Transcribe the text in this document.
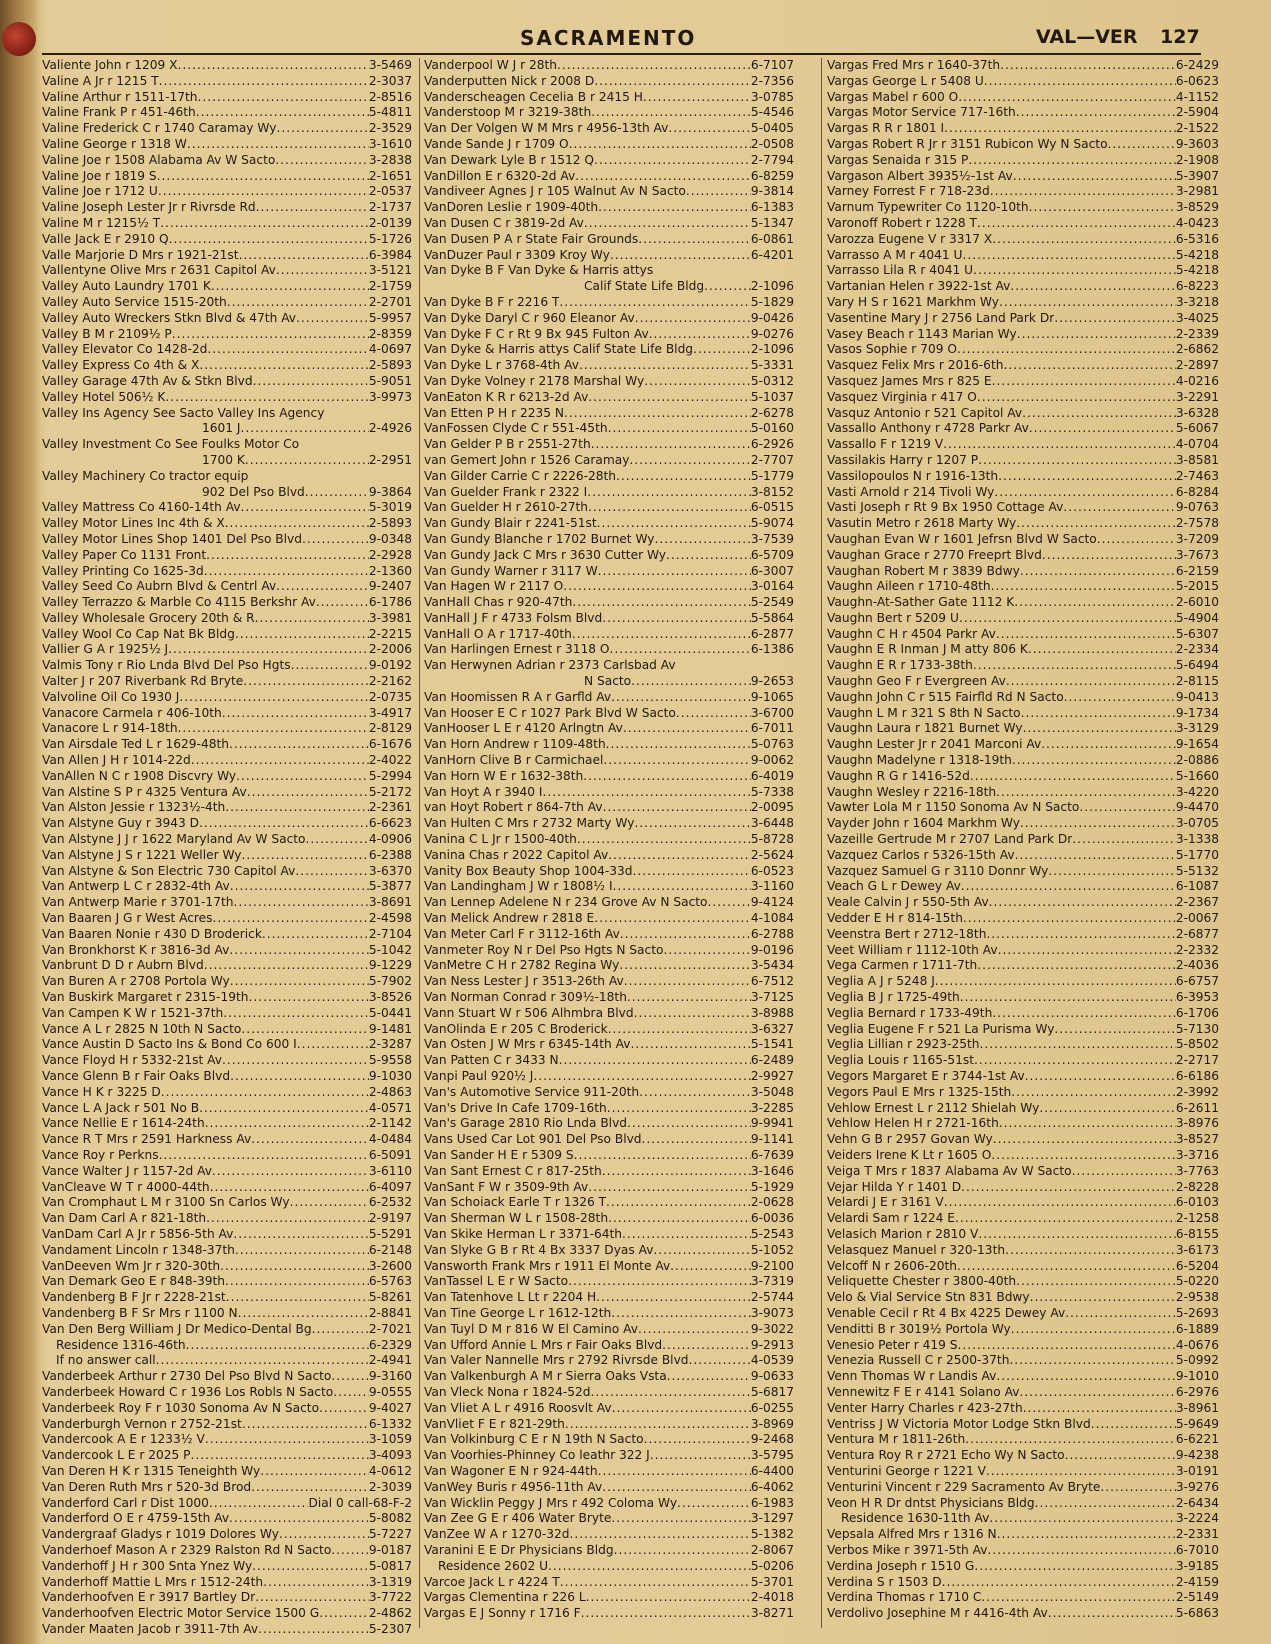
SACRAMENTO	VAL—VER 127
Valiente John r 1209 X .....	3-5469
Valine A Jr r 1215 T .....	2-3037
Valine Arthur r 1511-17th .....	2-8516
Valine Frank P r 451-46th .....	5-4811
Valine Frederick C r 1740 Caramay Wy .....	2-3529
Valine George r 1318 W .....	3-1610
Valine Joe r 1508 Alabama Av W Sacto .....	3-2838
Valine Joe r 1819 S .....	2-1651
Valine Joe r 1712 U .....	2-0537
Valine Joseph Lester Jr r Rivrsde Rd .....	2-1737
Valine M r 1215½ T .....	2-0139
Valle Jack E r 2910 Q .....	5-1726
Valle Marjorie D Mrs r 1921-21st .....	6-3984
Vallentyne Olive Mrs r 2631 Capitol Av .....	3-5121
Valley Auto Laundry 1701 K .....	2-1759
Valley Auto Service 1515-20th .....	2-2701
Valley Auto Wreckers Stkn Blvd & 47th Av .....	5-9957
Valley B M r 2109½ P .....	2-8359
Valley Elevator Co 1428-2d .....	4-0697
Valley Express Co 4th & X .....	2-5893
Valley Garage 47th Av & Stkn Blvd .....	5-9051
Valley Hotel 506½ K .....	3-9973
Valley Ins Agency See Sacto Valley Ins Agency
1601 J .....	2-4926
Valley Investment Co See Foulks Motor Co
1700 K .....	2-2951
Valley Machinery Co tractor equip
902 Del Pso Blvd .....	9-3864
Valley Mattress Co 4160-14th Av .....	5-3019
Valley Motor Lines Inc 4th & X .....	2-5893
Valley Motor Lines Shop 1401 Del Pso Blvd .....	9-0348
Valley Paper Co 1131 Front .....	2-2928
Valley Printing Co 1625-3d .....	2-1360
Valley Seed Co Aubrn Blvd & Centrl Av .....	9-2407
Valley Terrazzo & Marble Co 4115 Berkshr Av .....	6-1786
Valley Wholesale Grocery 20th & R .....	3-3981
Valley Wool Co Cap Nat Bk Bldg .....	2-2215
Vallier G A r 1925½ J .....	2-2006
Valmis Tony r Rio Lnda Blvd Del Pso Hgts .....	9-0192
Valter J r 207 Riverbank Rd Bryte .....	2-2162
Valvoline Oil Co 1930 J .....	2-0735
Vanacore Carmela r 406-10th .....	3-4917
Vanacore L r 914-18th .....	2-8129
Van Airsdale Ted L r 1629-48th .....	6-1676
Van Allen J H r 1014-22d .....	2-4022
VanAllen N C r 1908 Discvry Wy .....	5-2994
Van Alstine S P r 4325 Ventura Av .....	5-2172
Van Alston Jessie r 1323½-4th .....	2-2361
Van Alstyne Guy r 3943 D .....	6-6623
Van Alstyne J J r 1622 Maryland Av W Sacto .....	4-0906
Van Alstyne J S r 1221 Weller Wy .....	6-2388
Van Alstyne & Son Electric 730 Capitol Av .....	3-6370
Van Antwerp L C r 2832-4th Av .....	5-3877
Van Antwerp Marie r 3701-17th .....	3-8691
Van Baaren J G r West Acres .....	2-4598
Van Baaren Nonie r 430 D Broderick .....	2-7104
Van Bronkhorst K r 3816-3d Av .....	5-1042
Vanbrunt D D r Aubrn Blvd .....	9-1229
Van Buren A r 2708 Portola Wy .....	5-7902
Van Buskirk Margaret r 2315-19th .....	3-8526
Van Campen K W r 1521-37th .....	5-0441
Vance A L r 2825 N 10th N Sacto .....	9-1481
Vance Austin D Sacto Ins & Bond Co 600 I .....	2-3287
Vance Floyd H r 5332-21st Av .....	5-9558
Vance Glenn B r Fair Oaks Blvd .....	9-1030
Vance H K r 3225 D .....	2-4863
Vance L A Jack r 501 No B .....	4-0571
Vance Nellie E r 1614-24th .....	2-1142
Vance R T Mrs r 2591 Harkness Av .....	4-0484
Vance Roy r Perkns .....	6-5091
Vance Walter J r 1157-2d Av .....	3-6110
VanCleave W T r 4000-44th .....	6-4097
Van Cromphaut L M r 3100 Sn Carlos Wy .....	6-2532
Van Dam Carl A r 821-18th .....	2-9197
VanDam Carl A Jr r 5856-5th Av .....	5-5291
Vandament Lincoln r 1348-37th .....	6-2148
VanDeeven Wm Jr r 320-30th .....	3-2600
Van Demark Geo E r 848-39th .....	6-5763
Vandenberg B F Jr r 2228-21st .....	5-8261
Vandenberg B F Sr Mrs r 1100 N .....	2-8841
Van Den Berg William J Dr Medico-Dental Bg .....	2-7021
Residence 1316-46th .....	6-2329
If no answer call .....	2-4941
Vanderbeek Arthur r 2730 Del Pso Blvd N Sacto .....	9-3160
Vanderbeek Howard C r 1936 Los Robls N Sacto .....	9-0555
Vanderbeek Roy F r 1030 Sonoma Av N Sacto .....	9-4027
Vanderburgh Vernon r 2752-21st .....	6-1332
Vandercook A E r 1233½ V .....	3-1059
Vandercook L E r 2025 P .....	3-4093
Van Deren H K r 1315 Teneighth Wy .....	4-0612
Van Deren Ruth Mrs r 520-3d Brod .....	2-3039
Vanderford Carl r Dist 1000 .....	Dial 0 call-68-F-2
Vanderford O E r 4759-15th Av .....	5-8082
Vandergraaf Gladys r 1019 Dolores Wy .....	5-7227
Vanderhoef Mason A r 2329 Ralston Rd N Sacto .....	9-0187
Vanderhoff J H r 300 Snta Ynez Wy .....	5-0817
Vanderhoff Mattie L Mrs r 1512-24th .....	3-1319
Vanderhoofven E r 3917 Bartley Dr .....	3-7722
Vanderhoofven Electric Motor Service 1500 G .....	2-4862
Vander Maaten Jacob r 3911-7th Av .....	5-2307
Vanderpool W J r 28th .....	6-7107
Vanderputten Nick r 2008 D .....	2-7356
Vanderscheagen Cecelia B r 2415 H .....	3-0785
Vanderstoop M r 3219-38th .....	5-4546
Van Der Volgen W M Mrs r 4956-13th Av .....	5-0405
Vande Sande J r 1709 O .....	2-0508
Van Dewark Lyle B r 1512 Q .....	2-7794
VanDillon E r 6320-2d Av .....	6-8259
Vandiveer Agnes J r 105 Walnut Av N Sacto .....	9-3814
VanDoren Leslie r 1909-40th .....	6-1383
Van Dusen C r 3819-2d Av .....	5-1347
Van Dusen P A r State Fair Grounds .....	6-0861
VanDuzer Paul r 3309 Kroy Wy .....	6-4201
Van Dyke B F Van Dyke & Harris attys
Calif State Life Bldg .....	2-1096
Van Dyke B F r 2216 T .....	5-1829
Van Dyke Daryl C r 960 Eleanor Av .....	9-0426
Van Dyke F C r Rt 9 Bx 945 Fulton Av .....	9-0276
Van Dyke & Harris attys Calif State Life Bldg .....	2-1096
Van Dyke L r 3768-4th Av .....	5-3331
Van Dyke Volney r 2178 Marshal Wy .....	5-0312
VanEaton K R r 6213-2d Av .....	5-1037
Van Etten P H r 2235 N .....	2-6278
VanFossen Clyde C r 551-45th .....	5-0160
Van Gelder P B r 2551-27th .....	6-2926
van Gemert John r 1526 Caramay .....	2-7707
Van Gilder Carrie C r 2226-28th .....	5-1779
Van Guelder Frank r 2322 I .....	3-8152
Van Guelder H r 2610-27th .....	6-0515
Van Gundy Blair r 2241-51st .....	5-9074
Van Gundy Blanche r 1702 Burnet Wy .....	3-7539
Van Gundy Jack C Mrs r 3630 Cutter Wy .....	6-5709
Van Gundy Warner r 3117 W .....	6-3007
Van Hagen W r 2117 O .....	3-0164
VanHall Chas r 920-47th .....	5-2549
VanHall J F r 4733 Folsm Blvd .....	5-5864
VanHall O A r 1717-40th .....	6-2877
Van Harlingen Ernest r 3118 O .....	6-1386
Van Herwynen Adrian r 2373 Carlsbad Av
N Sacto .....	9-2653
Van Hoomissen R A r Garfld Av .....	9-1065
Van Hooser E C r 1027 Park Blvd W Sacto .....	3-6700
VanHooser L E r 4120 Arlngtn Av .....	6-7011
Van Horn Andrew r 1109-48th .....	5-0763
VanHorn Clive B r Carmichael .....	9-0062
Van Horn W E r 1632-38th .....	6-4019
Van Hoyt A r 3940 I .....	5-7338
van Hoyt Robert r 864-7th Av .....	2-0095
Van Hulten C Mrs r 2732 Marty Wy .....	3-6448
Vanina C L Jr r 1500-40th .....	5-8728
Vanina Chas r 2022 Capitol Av .....	2-5624
Vanity Box Beauty Shop 1004-33d .....	6-0523
Van Landingham J W r 1808½ I .....	3-1160
Van Lennep Adelene N r 234 Grove Av N Sacto .....	9-4124
Van Melick Andrew r 2818 E .....	4-1084
Van Meter Carl F r 3112-16th Av .....	6-2788
Vanmeter Roy N r Del Pso Hgts N Sacto .....	9-0196
VanMetre C H r 2782 Regina Wy .....	3-5434
Van Ness Lester J r 3513-26th Av .....	6-7512
Van Norman Conrad r 309½-18th .....	3-7125
Vann Stuart W r 506 Alhmbra Blvd .....	3-8988
VanOlinda E r 205 C Broderick .....	3-6327
Van Osten J W Mrs r 6345-14th Av .....	5-1541
Van Patten C r 3433 N .....	6-2489
Vanpi Paul 920½ J .....	2-9927
Van's Automotive Service 911-20th .....	3-5048
Van's Drive In Cafe 1709-16th .....	3-2285
Van's Garage 2810 Rio Lnda Blvd .....	9-9941
Vans Used Car Lot 901 Del Pso Blvd .....	9-1141
Van Sander H E r 5309 S .....	6-7639
Van Sant Ernest C r 817-25th .....	3-1646
VanSant F W r 3509-9th Av .....	5-1929
Van Schoiack Earle T r 1326 T .....	2-0628
Van Sherman W L r 1508-28th .....	6-0036
Van Skike Herman L r 3371-64th .....	5-2543
Van Slyke G B r Rt 4 Bx 3337 Dyas Av .....	5-1052
Vansworth Frank Mrs r 1911 El Monte Av .....	9-2100
VanTassel L E r W Sacto .....	3-7319
Van Tatenhove L Lt r 2204 H .....	2-5744
Van Tine George L r 1612-12th .....	3-9073
Van Tuyl D M r 816 W El Camino Av .....	9-3022
Van Ufford Annie L Mrs r Fair Oaks Blvd .....	9-2913
Van Valer Nannelle Mrs r 2792 Rivrsde Blvd .....	4-0539
Van Valkenburgh A M r Sierra Oaks Vsta .....	9-0633
Van Vleck Nona r 1824-52d .....	5-6817
Van Vliet A L r 4916 Roosvlt Av .....	6-0255
VanVliet F E r 821-29th .....	3-8969
Van Volkinburg C E r N 19th N Sacto .....	9-2468
Van Voorhies-Phinney Co leathr 322 J .....	3-5795
Van Wagoner E N r 924-44th .....	6-4400
VanWey Buris r 4956-11th Av .....	6-4062
Van Wicklin Peggy J Mrs r 492 Coloma Wy .....	6-1983
Van Zee G E r 406 Water Bryte .....	3-1297
VanZee W A r 1270-32d .....	5-1382
Varanini E E Dr Physicians Bldg .....	2-8067
Residence 2602 U .....	5-0206
Varcoe Jack L r 4224 T .....	5-3701
Vargas Clementina r 226 L .....	2-4018
Vargas E J Sonny r 1716 F .....	3-8271
Vargas Fred Mrs r 1640-37th .....	6-2429
Vargas George L r 5408 U .....	6-0623
Vargas Mabel r 600 O .....	4-1152
Vargas Motor Service 717-16th .....	2-5904
Vargas R R r 1801 I .....	2-1522
Vargas Robert R Jr r 3151 Rubicon Wy N Sacto .....	9-3603
Vargas Senaida r 315 P .....	2-1908
Vargason Albert 3935½-1st Av .....	5-3907
Varney Forrest F r 718-23d .....	3-2981
Varnum Typewriter Co 1120-10th .....	3-8529
Varonoff Robert r 1228 T .....	4-0423
Varozza Eugene V r 3317 X .....	6-5316
Varrasso A M r 4041 U .....	5-4218
Varrasso Lila R r 4041 U .....	5-4218
Vartanian Helen r 3922-1st Av .....	6-8223
Vary H S r 1621 Markhm Wy .....	3-3218
Vasentine Mary J r 2756 Land Park Dr .....	3-4025
Vasey Beach r 1143 Marian Wy .....	2-2339
Vasos Sophie r 709 O .....	2-6862
Vasquez Felix Mrs r 2016-6th .....	2-2897
Vasquez James Mrs r 825 E .....	4-0216
Vasquez Virginia r 417 O .....	3-2291
Vasquz Antonio r 521 Capitol Av .....	3-6328
Vassallo Anthony r 4728 Parkr Av .....	5-6067
Vassallo F r 1219 V .....	4-0704
Vassilakis Harry r 1207 P .....	3-8581
Vassilopoulos N r 1916-13th .....	2-7463
Vasti Arnold r 214 Tivoli Wy .....	6-8284
Vasti Joseph r Rt 9 Bx 1950 Cottage Av .....	9-0763
Vasutin Metro r 2618 Marty Wy .....	2-7578
Vaughan Evan W r 1601 Jefrsn Blvd W Sacto .....	3-7209
Vaughan Grace r 2770 Freeprt Blvd .....	3-7673
Vaughan Robert M r 3839 Bdwy .....	6-2159
Vaughn Aileen r 1710-48th .....	5-2015
Vaughn-At-Sather Gate 1112 K .....	2-6010
Vaughn Bert r 5209 U .....	5-4904
Vaughn C H r 4504 Parkr Av .....	5-6307
Vaughn E R Inman J M atty 806 K .....	2-2334
Vaughn E R r 1733-38th .....	5-6494
Vaughn Geo F r Evergreen Av .....	2-8115
Vaughn John C r 515 Fairfld Rd N Sacto .....	9-0413
Vaughn L M r 321 S 8th N Sacto .....	9-1734
Vaughn Laura r 1821 Burnet Wy .....	3-3129
Vaughn Lester Jr r 2041 Marconi Av .....	9-1654
Vaughn Madelyne r 1318-19th .....	2-0886
Vaughn R G r 1416-52d .....	5-1660
Vaughn Wesley r 2216-18th .....	3-4220
Vawter Lola M r 1150 Sonoma Av N Sacto .....	9-4470
Vayder John r 1604 Markhm Wy .....	3-0705
Vazeille Gertrude M r 2707 Land Park Dr .....	3-1338
Vazquez Carlos r 5326-15th Av .....	5-1770
Vazquez Samuel G r 3110 Donnr Wy .....	5-5132
Veach G L r Dewey Av .....	6-1087
Veale Calvin J r 550-5th Av .....	2-2367
Vedder E H r 814-15th .....	2-0067
Veenstra Bert r 2712-18th .....	2-6877
Veet William r 1112-10th Av .....	2-2332
Vega Carmen r 1711-7th .....	2-4036
Veglia A J r 5248 J .....	6-6757
Veglia B J r 1725-49th .....	6-3953
Veglia Bernard r 1733-49th .....	6-1706
Veglia Eugene F r 521 La Purisma Wy .....	5-7130
Veglia Lillian r 2923-25th .....	5-8502
Veglia Louis r 1165-51st .....	2-2717
Vegors Margaret E r 3744-1st Av .....	6-6186
Vegors Paul E Mrs r 1325-15th .....	2-3992
Vehlow Ernest L r 2112 Shielah Wy .....	6-2611
Vehlow Helen H r 2721-16th .....	3-8976
Vehn G B r 2957 Govan Wy .....	3-8527
Veiders Irene K Lt r 1605 O .....	3-3716
Veiga T Mrs r 1837 Alabama Av W Sacto .....	3-7763
Vejar Hilda Y r 1401 D .....	2-8228
Velardi J E r 3161 V .....	6-0103
Velardi Sam r 1224 E .....	2-1258
Velasich Marion r 2810 V .....	6-8155
Velasquez Manuel r 320-13th .....	3-6173
Velcoff N r 2606-20th .....	6-5204
Veliquette Chester r 3800-40th .....	5-0220
Velo & Vial Service Stn 831 Bdwy .....	2-9538
Venable Cecil r Rt 4 Bx 4225 Dewey Av .....	5-2693
Venditti B r 3019½ Portola Wy .....	6-1889
Venesio Peter r 419 S .....	4-0676
Venezia Russell C r 2500-37th .....	5-0992
Venn Thomas W r Landis Av .....	9-1010
Vennewitz F E r 4141 Solano Av .....	6-2976
Venter Harry Charles r 423-27th .....	3-8961
Ventriss J W Victoria Motor Lodge Stkn Blvd .....	5-9649
Ventura M r 1811-26th .....	6-6221
Ventura Roy R r 2721 Echo Wy N Sacto .....	9-4238
Venturini George r 1221 V .....	3-0191
Venturini Vincent r 229 Sacramento Av Bryte .....	3-9276
Veon H R Dr dntst Physicians Bldg .....	2-6434
Residence 1630-11th Av .....	3-2224
Vepsala Alfred Mrs r 1316 N .....	2-2331
Verbos Mike r 3971-5th Av .....	6-7010
Verdina Joseph r 1510 G .....	3-9185
Verdina S r 1503 D .....	2-4159
Verdina Thomas r 1710 C .....	2-5149
Verdolivo Josephine M r 4416-4th Av .....	5-6863
